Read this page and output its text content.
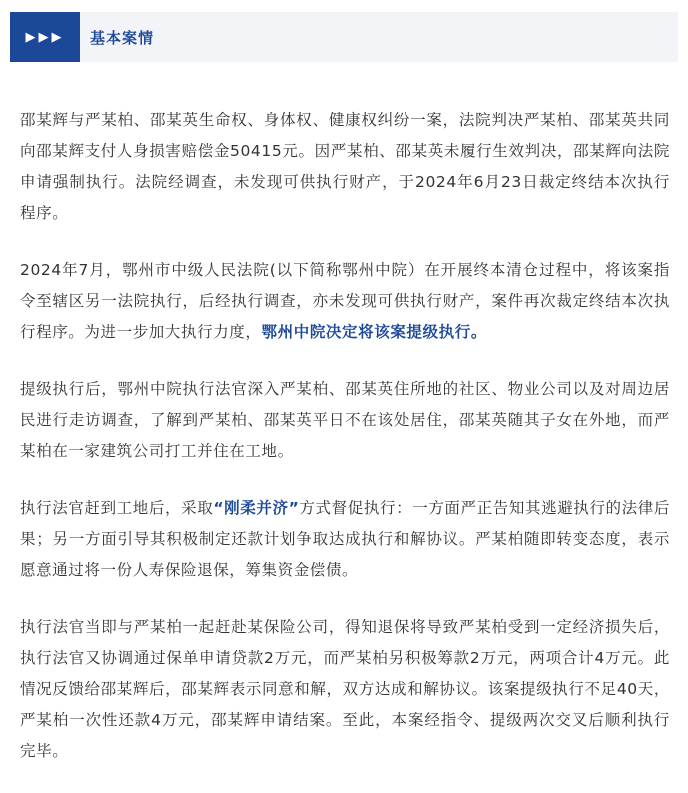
▶▶▶ 基本案情

邵某辉与严某柏、邵某英生命权、身体权、健康权纠纷一案，法院判决严某柏、邵某英共同向邵某辉支付人身损害赔偿金50415元。因严某柏、邵某英未履行生效判决，邵某辉向法院申请强制执行。法院经调查，未发现可供执行财产，于2024年6月23日裁定终结本次执行程序。

2024年7月，鄂州市中级人民法院(以下简称鄂州中院）在开展终本清仓过程中，将该案指令至辖区另一法院执行，后经执行调查，亦未发现可供执行财产，案件再次裁定终结本次执行程序。为进一步加大执行力度，鄂州中院决定将该案提级执行。

提级执行后，鄂州中院执行法官深入严某柏、邵某英住所地的社区、物业公司以及对周边居民进行走访调查，了解到严某柏、邵某英平日不在该处居住，邵某英随其子女在外地，而严某柏在一家建筑公司打工并住在工地。

执行法官赶到工地后，采取“刚柔并济”方式督促执行：一方面严正告知其逃避执行的法律后果；另一方面引导其积极制定还款计划争取达成执行和解协议。严某柏随即转变态度，表示愿意通过将一份人寿保险退保，筹集资金偿债。

执行法官当即与严某柏一起赶赴某保险公司，得知退保将导致严某柏受到一定经济损失后，执行法官又协调通过保单申请贷款2万元，而严某柏另积极筹款2万元，两项合计4万元。此情况反馈给邵某辉后，邵某辉表示同意和解，双方达成和解协议。该案提级执行不足40天，严某柏一次性还款4万元，邵某辉申请结案。至此，本案经指令、提级两次交叉后顺利执行完毕。
